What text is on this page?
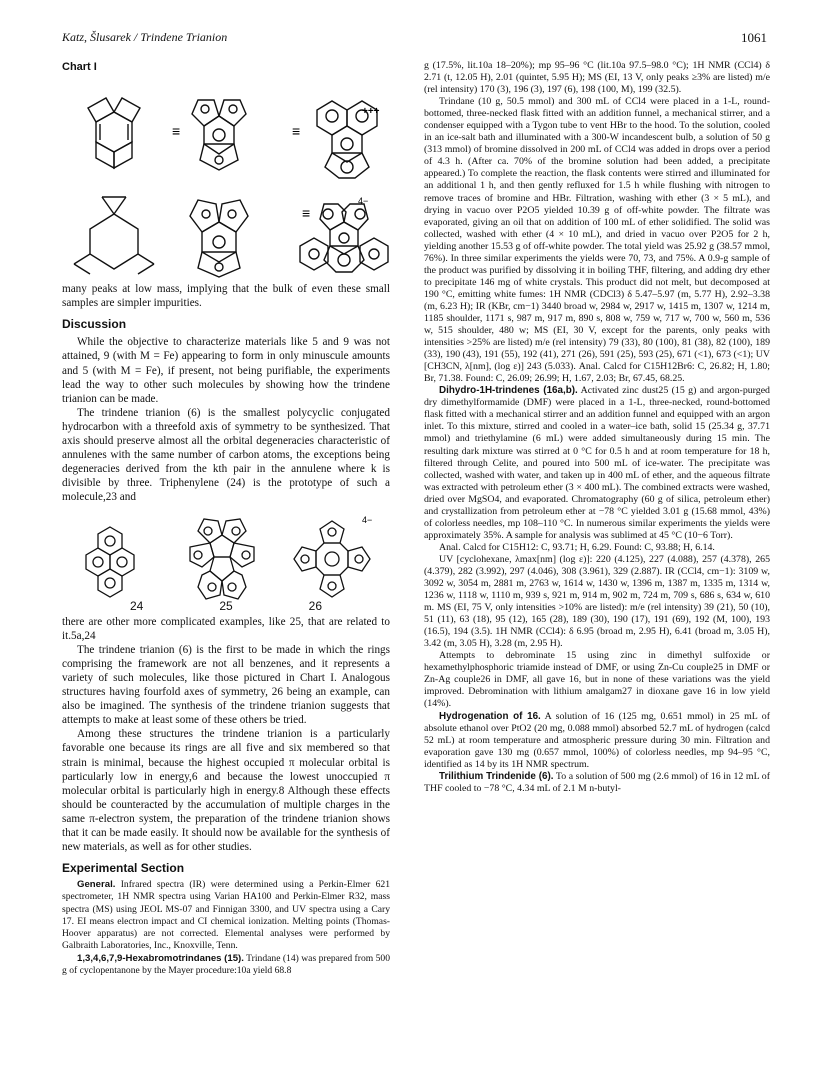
Katz, Šlusarek / Trindene Trianion	1061
Chart I
≡	≡
≡
+++
4−

many peaks at low mass, implying that the bulk of even these small samples are simpler impurities.

Discussion

While the objective to characterize materials like 5 and 9 was not attained, 9 (with M = Fe) appearing to form in only minuscule amounts and 5 (with M = Fe), if present, not being purifiable, the experiments lead the way to other such molecules by showing how the trindene trianion can be made.

The trindene trianion (6) is the smallest polycyclic conjugated hydrocarbon with a threefold axis of symmetry to be synthesized. That axis should preserve almost all the orbital degeneracies characteristic of annulenes with the same number of carbon atoms, the exceptions being degeneracies derived from the kth pair in the annulene where k is divisible by three. Triphenylene (24) is the prototype of such a molecule,23 and

4−
24	25	26

there are other more complicated examples, like 25, that are related to it.5a,24

The trindene trianion (6) is the first to be made in which the rings comprising the framework are not all benzenes, and it represents a variety of such molecules, like those pictured in Chart I. Analogous structures having fourfold axes of symmetry, 26 being an example, can also be imagined. The synthesis of the trindene trianion suggests that attempts to make at least some of these others be tried.

Among these structures the trindene trianion is a particularly favorable one because its rings are all five and six membered so that strain is minimal, because the highest occupied π molecular orbital is particularly low in energy,6 and because the lowest unoccupied π molecular orbital is particularly high in energy.8 Although these effects should be counteracted by the accumulation of multiple charges in the same π-electron system, the preparation of the trindene trianion shows that it can be made easily. It should now be available for the synthesis of new materials, as well as for other studies.

Experimental Section

General. Infrared spectra (IR) were determined using a Perkin-Elmer 621 spectrometer, 1H NMR spectra using Varian HA100 and Perkin-Elmer R32, mass spectra (MS) using JEOL MS-07 and Finnigan 3300, and UV spectra using a Cary 17. EI means electron impact and CI chemical ionization. Melting points (Thomas-Hoover apparatus) are not corrected. Elemental analyses were performed by Galbraith Laboratories, Inc., Knoxville, Tenn.

1,3,4,6,7,9-Hexabromotrindanes (15). Trindane (14) was prepared from 500 g of cyclopentanone by the Mayer procedure:10a yield 68.8

g (17.5%, lit.10a 18–20%); mp 95–96 °C (lit.10a 97.5–98.0 °C); 1H NMR (CCl4) δ 2.71 (t, 12.05 H), 2.01 (quintet, 5.95 H); MS (EI, 13 V, only peaks ≥3% are listed) m/e (rel intensity) 170 (3), 196 (3), 197 (6), 198 (100, M), 199 (32.5).

Trindane (10 g, 50.5 mmol) and 300 mL of CCl4 were placed in a 1-L, round-bottomed, three-necked flask fitted with an addition funnel, a mechanical stirrer, and a condenser equipped with a Tygon tube to vent HBr to the hood. To the solution, cooled in an ice-salt bath and illuminated with a 300-W incandescent bulb, a solution of 50 g (313 mmol) of bromine dissolved in 200 mL of CCl4 was added in drops over a period of 4.3 h. (After ca. 70% of the bromine solution had been added, a precipitate appeared.) To complete the reaction, the flask contents were stirred and illuminated for an additional 1 h, and then gently refluxed for 1.5 h while flushing with nitrogen to remove traces of bromine and HBr. Filtration, washing with ether (3 × 5 mL), and drying in vacuo over P2O5 yielded 10.39 g of off-white powder. The filtrate was evaporated, giving an oil that on addition of 100 mL of ether solidified. The solid was collected, washed with ether (4 × 10 mL), and dried in vacuo over P2O5 for 2 h, yielding another 15.53 g of off-white powder. The total yield was 25.92 g (38.57 mmol, 76%). In three similar experiments the yields were 70, 73, and 75%. A 0.9-g sample of the product was purified by dissolving it in boiling THF, filtering, and adding dry ether to precipitate 146 mg of white crystals. This product did not melt, but decomposed at 190 °C, emitting white fumes: 1H NMR (CDCl3) δ 5.47–5.97 (m, 5.77 H), 2.92–3.38 (m, 6.23 H); IR (KBr, cm−1) 3440 broad w, 2984 w, 2917 w, 1415 m, 1307 w, 1214 m, 1185 shoulder, 1171 s, 987 m, 917 m, 890 s, 808 w, 759 w, 717 w, 700 w, 560 m, 536 w, 515 shoulder, 480 w; MS (EI, 30 V, except for the parents, only peaks with intensities >25% are listed) m/e (rel intensity) 79 (33), 80 (100), 81 (38), 82 (100), 189 (33), 190 (43), 191 (55), 192 (41), 271 (26), 591 (25), 593 (25), 671 (<1), 673 (<1); UV [CH3CN, λ[nm], (log ε)] 243 (5.033). Anal. Calcd for C15H12Br6: C, 26.82; H, 1.80; Br, 71.38. Found: C, 26.09; 26.99; H, 1.67, 2.03; Br, 67.45, 68.25.

Dihydro-1H-trindenes (16a,b). Activated zinc dust25 (15 g) and argon-purged dry dimethylformamide (DMF) were placed in a 1-L, three-necked, round-bottomed flask fitted with a mechanical stirrer and an addition funnel and equipped with an argon inlet. To this mixture, stirred and cooled in a water–ice bath, solid 15 (25.34 g, 37.71 mmol) and triethylamine (6 mL) were added simultaneously during 15 min. The resulting dark mixture was stirred at 0 °C for 0.5 h and at room temperature for 18 h, filtered through Celite, and poured into 500 mL of ice-water. The precipitate was collected, washed with water, and taken up in 400 mL of ether, and the aqueous filtrate was extracted with petroleum ether (3 × 400 mL). The combined extracts were washed, dried over MgSO4, and evaporated. Chromatography (60 g of silica, petroleum ether) and crystallization from petroleum ether at −78 °C yielded 3.01 g (15.68 mmol, 43%) of colorless needles, mp 108–110 °C. In numerous similar experiments the yields were approximately 35%. A sample for analysis was sublimed at 45 °C (10−6 Torr).

Anal. Calcd for C15H12: C, 93.71; H, 6.29. Found: C, 93.88; H, 6.14.

UV [cyclohexane, λmax[nm] (log ε)]: 220 (4.125), 227 (4.088), 257 (4.378), 265 (4.379), 282 (3.992), 297 (4.046), 308 (3.961), 329 (2.887). IR (CCl4, cm−1): 3109 w, 3092 w, 3054 m, 2881 m, 2763 w, 1614 w, 1430 w, 1396 m, 1387 m, 1335 m, 1314 w, 1236 w, 1118 w, 1110 m, 939 s, 921 m, 914 m, 902 m, 724 m, 709 s, 686 s, 634 w, 610 m. MS (EI, 75 V, only intensities >10% are listed): m/e (rel intensity) 39 (21), 50 (10), 51 (11), 63 (18), 95 (12), 165 (28), 189 (30), 190 (17), 191 (69), 192 (M, 100), 193 (16.5), 194 (3.5). 1H NMR (CCl4): δ 6.95 (broad m, 2.95 H), 6.41 (broad m, 3.05 H), 3.42 (m, 3.05 H), 3.28 (m, 2.95 H).

Attempts to debrominate 15 using zinc in dimethyl sulfoxide or hexamethylphosphoric triamide instead of DMF, or using Zn-Cu couple25 in DMF or Zn-Ag couple26 in DMF, all gave 16, but in none of these variations was the yield improved. Debromination with lithium amalgam27 in dioxane gave 16 in low yield (14%).

Hydrogenation of 16. A solution of 16 (125 mg, 0.651 mmol) in 25 mL of absolute ethanol over PtO2 (20 mg, 0.088 mmol) absorbed 52.7 mL of hydrogen (calcd 52 mL) at room temperature and atmospheric pressure during 30 min. Filtration and evaporation gave 130 mg (0.657 mmol, 100%) of colorless needles, mp 94–95 °C, identified as 14 by its 1H NMR spectrum.

Trilithium Trindenide (6). To a solution of 500 mg (2.6 mmol) of 16 in 12 mL of THF cooled to −78 °C, 4.34 mL of 2.1 M n-butyl-
